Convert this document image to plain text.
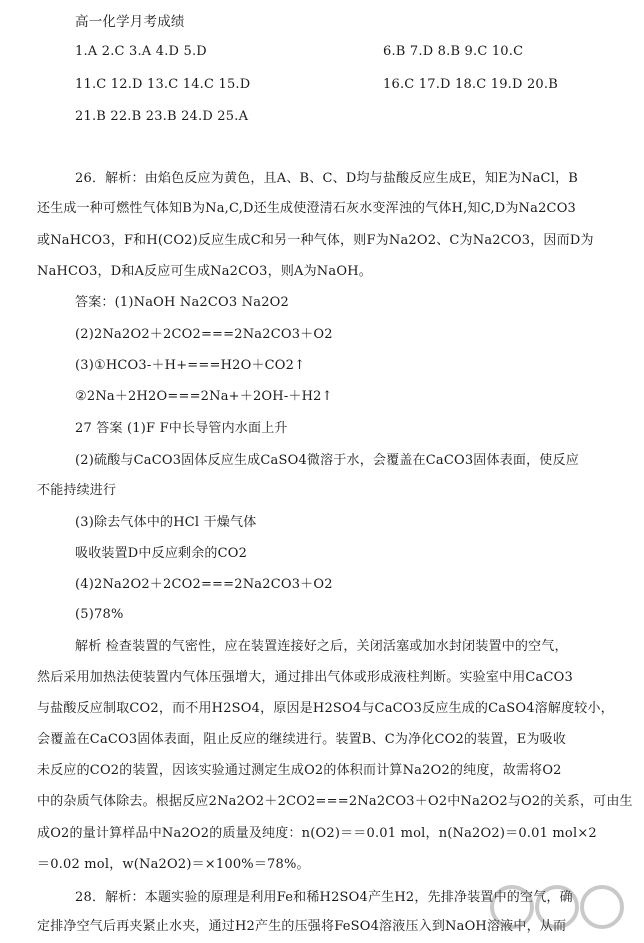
高一化学月考成绩
1.A 2.C 3.A 4.D 5.D	6.B 7.D 8.B 9.C 10.C
11.C 12.D 13.C 14.C 15.D	16.C 17.D 18.C 19.D 20.B
21.B 22.B 23.B 24.D 25.A
26．解析：由焰色反应为黄色，且A、B、C、D均与盐酸反应生成E，知E为NaCl，B
还生成一种可燃性气体知B为Na,C,D还生成使澄清石灰水变浑浊的气体H,知C,D为Na2CO3
或NaHCO3，F和H(CO2)反应生成C和另一种气体，则F为Na2O2、C为Na2CO3，因而D为
NaHCO3，D和A反应可生成Na2CO3，则A为NaOH。
答案：(1)NaOH Na2CO3 Na2O2
(2)2Na2O2＋2CO2===2Na2CO3＋O2
(3)①HCO3-＋H+===H2O＋CO2↑
②2Na＋2H2O===2Na+＋2OH-＋H2↑
27 答案 (1)F F中长导管内水面上升
(2)硫酸与CaCO3固体反应生成CaSO4微溶于水，会覆盖在CaCO3固体表面，使反应
不能持续进行
(3)除去气体中的HCl 干燥气体
吸收装置D中反应剩余的CO2
(4)2Na2O2＋2CO2===2Na2CO3＋O2
(5)78%
解析 检查装置的气密性，应在装置连接好之后，关闭活塞或加水封闭装置中的空气，
然后采用加热法使装置内气体压强增大，通过排出气体或形成液柱判断。实验室中用CaCO3
与盐酸反应制取CO2，而不用H2SO4，原因是H2SO4与CaCO3反应生成的CaSO4溶解度较小，
会覆盖在CaCO3固体表面，阻止反应的继续进行。装置B、C为净化CO2的装置，E为吸收
未反应的CO2的装置，因该实验通过测定生成O2的体积而计算Na2O2的纯度，故需将O2
中的杂质气体除去。根据反应2Na2O2＋2CO2===2Na2CO3＋O2中Na2O2与O2的关系，可由生
成O2的量计算样品中Na2O2的质量及纯度：n(O2)＝＝0.01 mol，n(Na2O2)＝0.01 mol×2
＝0.02 mol，w(Na2O2)＝×100%＝78%。
28．解析：本题实验的原理是利用Fe和稀H2SO4产生H2，先排净装置中的空气，确
定排净空气后再夹紧止水夹，通过H2产生的压强将FeSO4溶液压入到NaOH溶液中，从而
